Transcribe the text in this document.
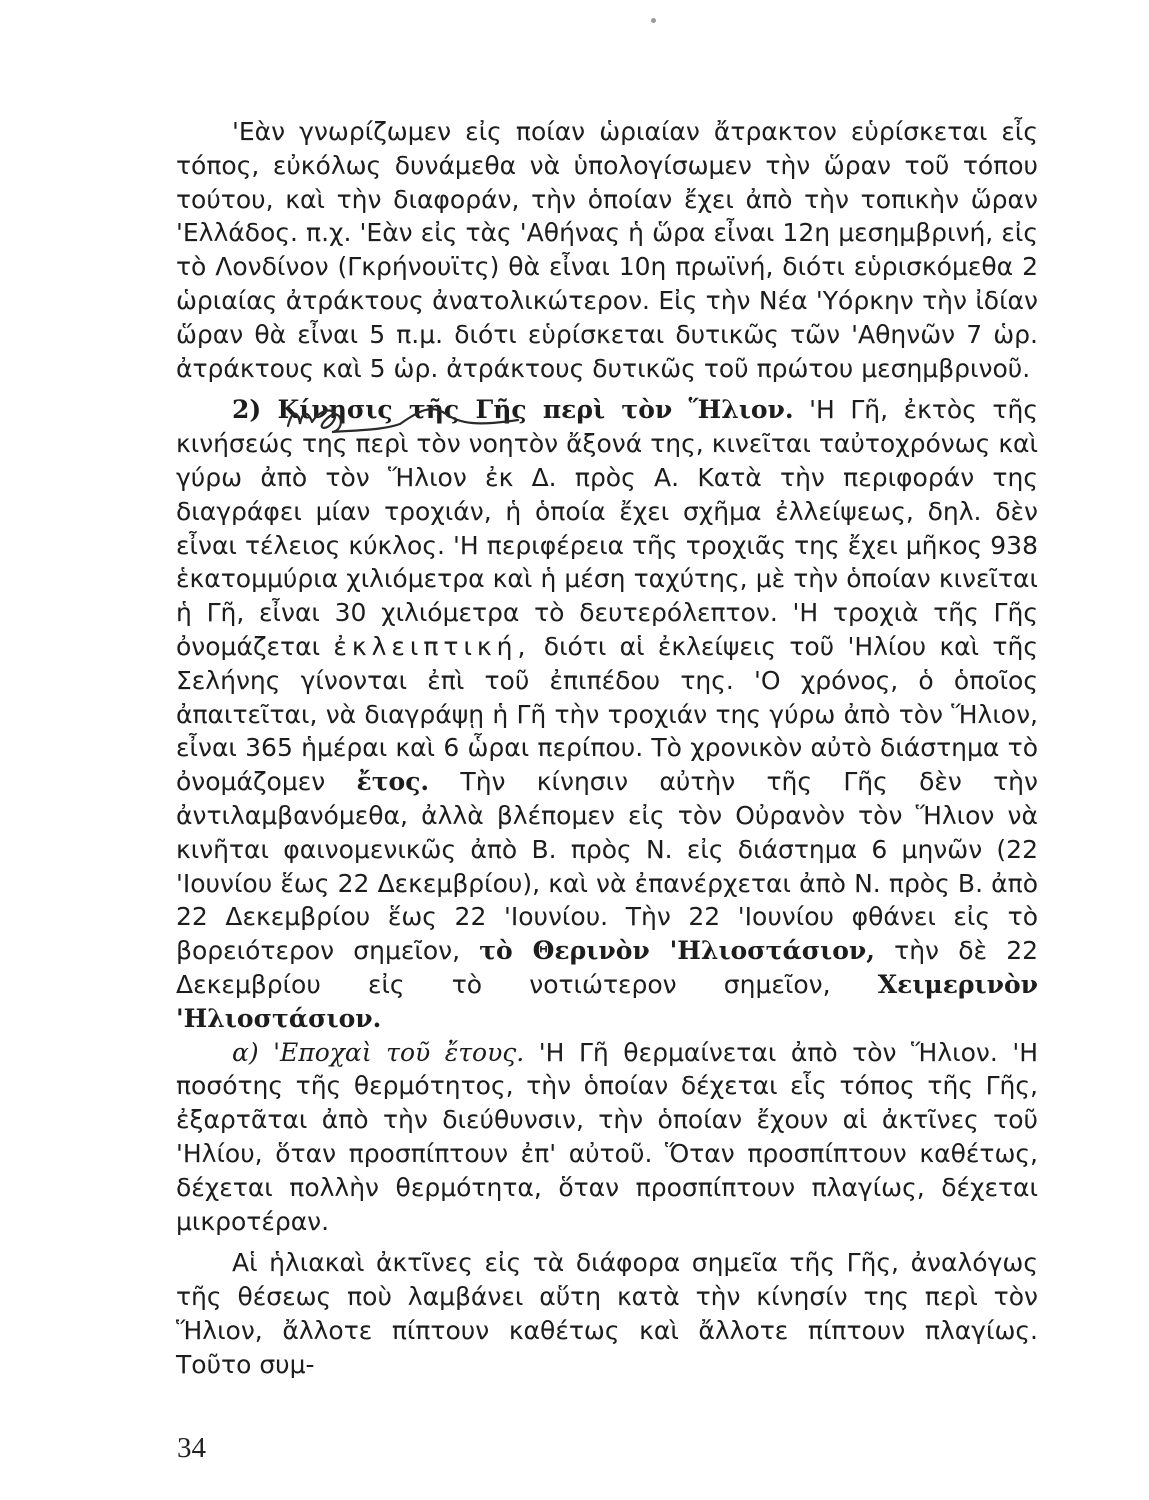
'Εὰν γνωρίζωμεν εἰς ποίαν ὡριαίαν ἄτρακτον εὑρίσκεται εἶς τόπος, εὐκόλως δυνάμεθα νὰ ὑπολογίσωμεν τὴν ὥραν τοῦ τόπου τούτου, καὶ τὴν διαφοράν, τὴν ὁποίαν ἔχει ἀπὸ τὴν τοπικὴν ὥραν 'Ελλάδος. π.χ. 'Εὰν εἰς τὰς 'Αθήνας ἡ ὥρα εἶναι 12η μεσημβρινή, εἰς τὸ Λονδίνον (Γκρήνουϊτς) θὰ εἶναι 10η πρωϊνή, διότι εὑρισκόμεθα 2 ὡριαίας ἀτράκτους ἀνατολικώτερον. Εἰς τὴν Νέα 'Υόρκην τὴν ἰδίαν ὥραν θὰ εἶναι 5 π.μ. διότι εὑρίσκεται δυτικῶς τῶν 'Αθηνῶν 7 ὡρ. ἀτράκτους καὶ 5 ὡρ. ἀτράκτους δυτικῶς τοῦ πρώτου μεσημβρινοῦ.

2) Κίνησις τῆς Γῆς περὶ τὸν Ἥλιον. 'Η Γῆ, ἐκτὸς τῆς κινήσεώς της περὶ τὸν νοητὸν ἄξονά της, κινεῖται ταὐτοχρόνως καὶ γύρω ἀπὸ τὸν Ἥλιον ἐκ Δ. πρὸς Α. Κατὰ τὴν περιφοράν της διαγράφει μίαν τροχιάν, ἡ ὁποία ἔχει σχῆμα ἐλλείψεως, δηλ. δὲν εἶναι τέλειος κύκλος. 'Η περιφέρεια τῆς τροχιᾶς της ἔχει μῆκος 938 ἑκατομμύρια χιλιόμετρα καὶ ἡ μέση ταχύτης, μὲ τὴν ὁποίαν κινεῖται ἡ Γῆ, εἶναι 30 χιλιόμετρα τὸ δευτερόλεπτον. 'Η τροχιὰ τῆς Γῆς ὀνομάζεται ἐκλειπτική, διότι αἱ ἐκλείψεις τοῦ 'Ηλίου καὶ τῆς Σελήνης γίνονται ἐπὶ τοῦ ἐπιπέδου της. 'Ο χρόνος, ὁ ὁποῖος ἀπαιτεῖται, νὰ διαγράψῃ ἡ Γῆ τὴν τροχιάν της γύρω ἀπὸ τὸν Ἥλιον, εἶναι 365 ἡμέραι καὶ 6 ὧραι περίπου. Τὸ χρονικὸν αὐτὸ διάστημα τὸ ὀνομάζομεν ἔτος. Τὴν κίνησιν αὐτὴν τῆς Γῆς δὲν τὴν ἀντιλαμβανόμεθα, ἀλλὰ βλέπομεν εἰς τὸν Οὐρανὸν τὸν Ἥλιον νὰ κινῆται φαινομενικῶς ἀπὸ Β. πρὸς Ν. εἰς διάστημα 6 μηνῶν (22 'Ιουνίου ἕως 22 Δεκεμβρίου), καὶ νὰ ἐπανέρχεται ἀπὸ Ν. πρὸς Β. ἀπὸ 22 Δεκεμβρίου ἕως 22 'Ιουνίου. Τὴν 22 'Ιουνίου φθάνει εἰς τὸ βορειότερον σημεῖον, τὸ Θερινὸν 'Ηλιοστάσιον, τὴν δὲ 22 Δεκεμβρίου εἰς τὸ νοτιώτερον σημεῖον, Χειμερινὸν 'Ηλιοστάσιον.

α) 'Εποχαὶ τοῦ ἔτους. 'Η Γῆ θερμαίνεται ἀπὸ τὸν Ἥλιον. 'Η ποσότης τῆς θερμότητος, τὴν ὁποίαν δέχεται εἷς τόπος τῆς Γῆς, ἐξαρτᾶται ἀπὸ τὴν διεύθυνσιν, τὴν ὁποίαν ἔχουν αἱ ἀκτῖνες τοῦ 'Ηλίου, ὅταν προσπίπτουν ἐπ' αὐτοῦ. Ὅταν προσπίπτουν καθέτως, δέχεται πολλὴν θερμότητα, ὅταν προσπίπτουν πλαγίως, δέχεται μικροτέραν.

Αἱ ἡλιακαὶ ἀκτῖνες εἰς τὰ διάφορα σημεῖα τῆς Γῆς, ἀναλόγως τῆς θέσεως ποὺ λαμβάνει αὕτη κατὰ τὴν κίνησίν της περὶ τὸν Ἥλιον, ἄλλοτε πίπτουν καθέτως καὶ ἄλλοτε πίπτουν πλαγίως. Τοῦτο συμ-

34
